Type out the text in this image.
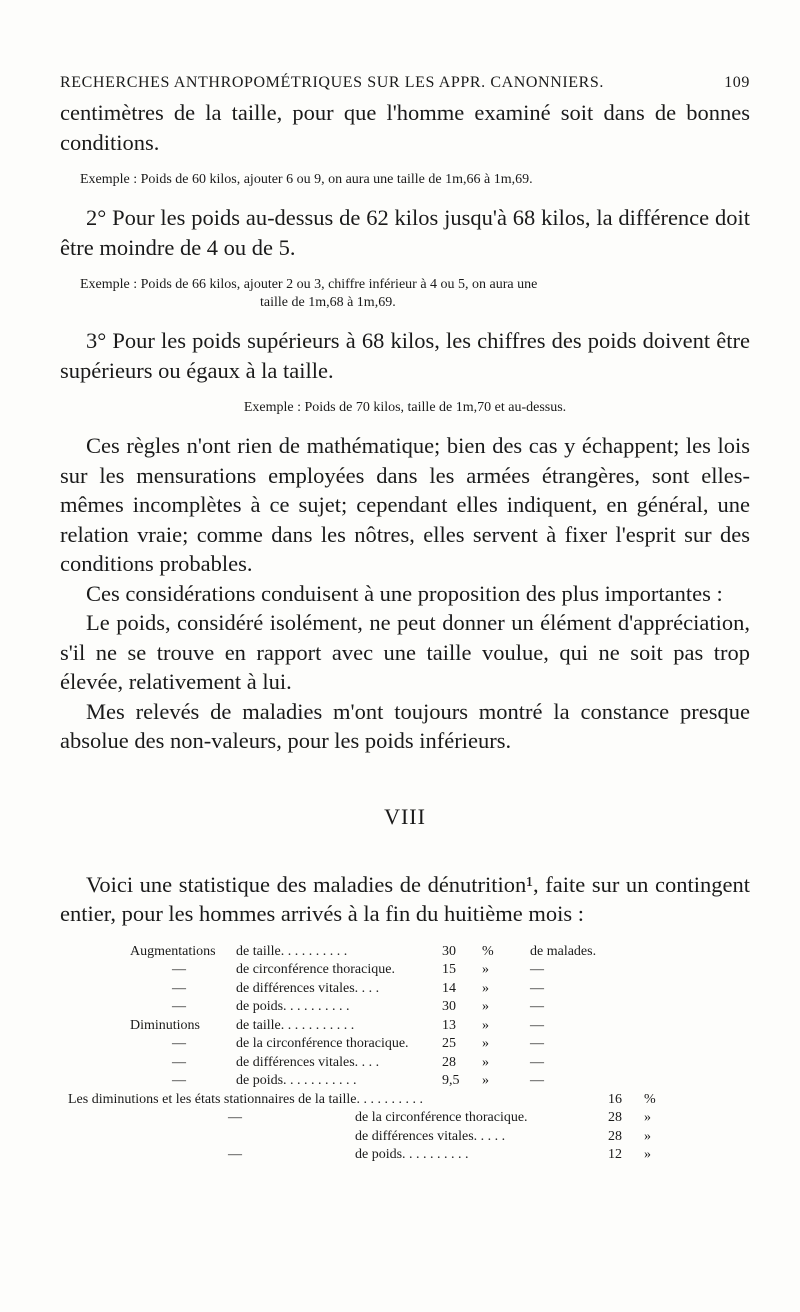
RECHERCHES ANTHROPOMÉTRIQUES SUR LES APPR. CANONNIERS.	109

centimètres de la taille, pour que l'homme examiné soit dans de bonnes conditions.

Exemple : Poids de 60 kilos, ajouter 6 ou 9, on aura une taille de 1m,66 à 1m,69.

2° Pour les poids au-dessus de 62 kilos jusqu'à 68 kilos, la différence doit être moindre de 4 ou de 5.

Exemple : Poids de 66 kilos, ajouter 2 ou 3, chiffre inférieur à 4 ou 5, on aura une

taille de 1m,68 à 1m,69.

3° Pour les poids supérieurs à 68 kilos, les chiffres des poids doivent être supérieurs ou égaux à la taille.

Exemple : Poids de 70 kilos, taille de 1m,70 et au-dessus.

Ces règles n'ont rien de mathématique; bien des cas y échappent; les lois sur les mensurations employées dans les armées étrangères, sont elles-mêmes incomplètes à ce sujet; cependant elles indiquent, en général, une relation vraie; comme dans les nôtres, elles servent à fixer l'esprit sur des conditions probables.

Ces considérations conduisent à une proposition des plus importantes :

Le poids, considéré isolément, ne peut donner un élément d'appréciation, s'il ne se trouve en rapport avec une taille voulue, qui ne soit pas trop élevée, relativement à lui.

Mes relevés de maladies m'ont toujours montré la constance presque absolue des non-valeurs, pour les poids inférieurs.

VIII

Voici une statistique des maladies de dénutrition¹, faite sur un contingent entier, pour les hommes arrivés à la fin du huitième mois :

Augmentations de taille. . . . . . . . . .	30 %	de malades.
—	de circonférence thoracique.	15 »	—
—	de différences vitales. . . .	14 »	—
—	de poids. . . . . . . . . .	30 »	—
Diminutions	de taille. . . . . . . . . . .	13 »	—
—	de la circonférence thoracique. 25 »	—
—	de différences vitales. . . .	28 »	—
—	de poids. . . . . . . . . . .	9,5 »	—
Les diminutions et les états stationnaires de la taille. . . . . . . . . .	16 %
—	de la circonférence thoracique.	28 »
de différences vitales. . . . .	28 »
—	de poids. . . . . . . . . .	12 »
